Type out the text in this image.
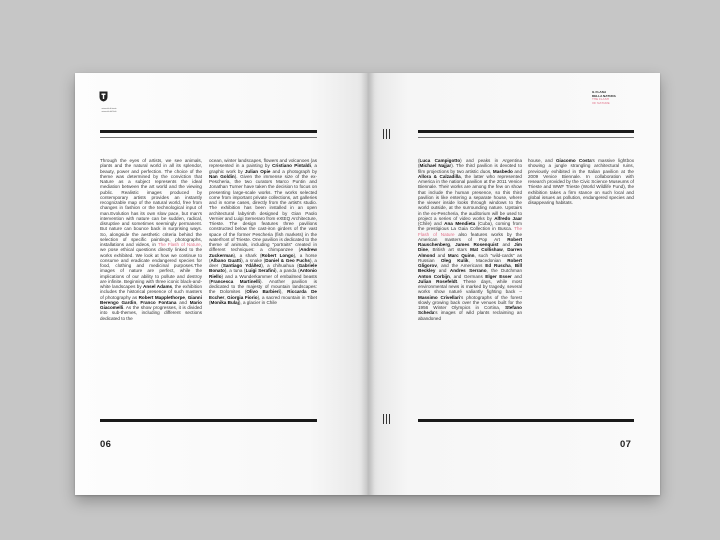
università di trieste
università del Friuli

Through the eyes of artists, we see animals, plants and the natural world in all its splendor, beauty, power and perfection. The choice of the theme was determined by the conviction that Nature as a subject represents the ideal mediation between the art world and the viewing public. Realistic images produced by contemporary artists provides an instantly recognizable map of the natural world, free from changes in fashion or the technological input of man.Evolution has its own slow pace, but man's intervention with nature can be sudden, radical, disruptive and sometimes seemingly permanent. But nature can bounce back in surprising ways. So, alongside the aesthetic criteria behind the selection of specific paintings, photographs, installations and videos, in The Flash of Nature, we pose ethical questions directly linked to the works exhibited. We look at how we continue to consume and eradicate endangered species for food, clothing and medicinal purposes.The images of nature are perfect, while the implications of our ability to pollute and destroy are infinite. Beginning with three iconic black-and-white landscapes by Ansel Adams, the exhibition includes the historical presence of such masters of photography as Robert Mapplethorpe, Gianni Berengo Gardin, Franco Fontana and Mario Giacomelli. As the show progresses, it is divided into sub-themes, including different sections dedicated to the

ocean, winter landscapes, flowers and volcanoes (as represented in a painting by Cristiano Pintaldi, a graphic work by Julian Opie and a photograph by Nan Goldin). Given the immense size of the ex-Pescheria, the two curators Marco Puntin and Jonathan Turner have taken the decision to focus on presenting large-scale works. The works selected come from important private collections, art galleries and in some cases, directly from the artist's studio. The exhibition has been installed in an open architectural labyrinth designed by Gian Paolo Vernier and Luigi Semeraro from eXtEQ Architecture, Trieste. The design features three pavilions constructed below the cast-iron girders of the vast space of the former Pescheria (fish markets) in the waterfront of Trieste. One pavilion is dedicated to the theme of animals, including "portraits" created in different techniques: a chimpanzee (Andrew Zuckerman), a shark (Robert Longo), a horse (Albano Guatti), a snake (Daniel & Geo Fuchs), a deer (Santiago Ydáñez), a chihuahua (Gabriele Bonato), a tuna (Luigi Serafini), a panda (Antonio Riello) and a Wunderkammer of embalmed beasts (Francesca Martinelli). Another pavilion is dedicated to the majesty of mountain landscapes: the Dolomites (Olivo Barbieri), Riccarda De Eccher, Giorgia Fiorio), a sacred mountain in Tibet (Monika Bulaj), a glacier in Chile

06
IL FLASH
DELLA NATURA
THE FLASH
OF NATURE

(Luca Campigotto) and peaks in Argentina (Michael Najjar). The third pavilion is devoted to film projections by two artistic duos, Masbedo and Allora & Calzadilla, the latter who represented America in the national pavilion at the 2011 Venice Biennale. Their works are among the few on show that include the human presence, so this third pavilion is like entering a separate house, where the viewer inside looks through windows to the world outside, at the surrounding nature. Upstairs in the ex-Pescheria, the auditorium will be used to project a series of video works by Alfredo Jaar (Chile) and Ana Mendieta (Cuba), coming from the prestigious La Gaia Collection in Busca. The Flash of Nature also features works by the American masters of Pop Art Robert Rauschenberg, James Rosenquist and Jim Dine, British art stars Mat Collishaw, Darren Almond and Marc Quinn, such "wild-cards" as Russian Oleg Kulik, Macedonian Robert Gligorov, and the Americans Ed Ruscha, Bill Beckley and Andres Serrano, the Dutchman Anton Corbijn, and Germans Elger Esser and Julian Rosefeldt. These days, while most environmental news is marked by tragedy, several works show naturé valiantly fighting back – Massimo Crivellari's photographs of the forest slowly growing back over the venues built for the 1956 Winter Olympics in Cortina, Stefano Scheda's images of wild plants reclaiming an abandoned

house, and Giacomo Costa's massive lightbox showing a jungle strangling architectural ruins, previously exhibited in the Italian pavilion at the 2009 Venice Biennale. In collaboration with research provided by the Civic Science Museums of Trieste and WWF Trieste (World Wildlife Fund), the exhibition takes a firm stance on such local and global issues as pollution, endangered species and disappearing habitats.

07
